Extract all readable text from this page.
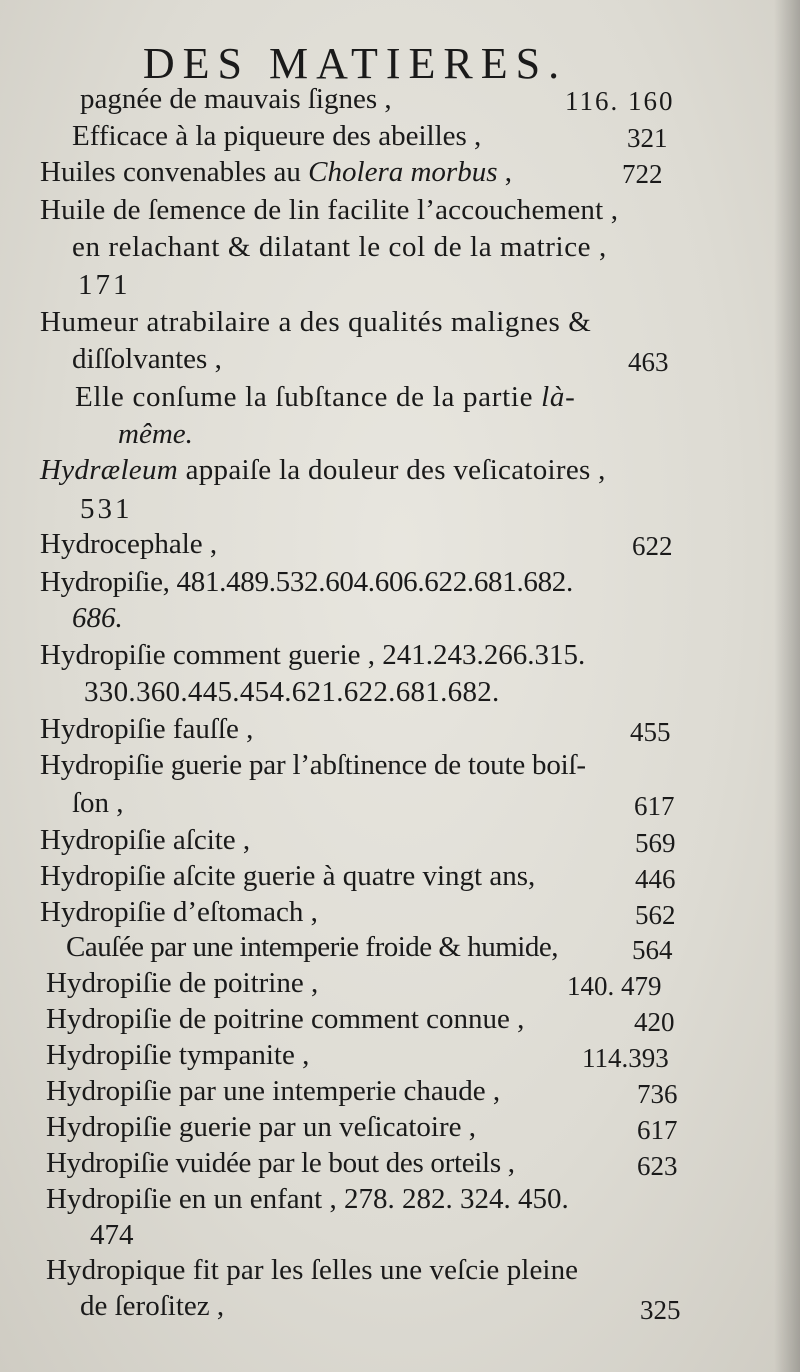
DES MATIERES.
pagnée de mauvais ſignes ,	116. 160
Efficace à la piqueure des abeilles ,	321
Huiles convenables au Cholera morbus ,	722
Huile de ſemence de lin facilite l’accouchement ,
en relachant & dilatant le col de la matrice ,
171
Humeur atrabilaire a des qualités malignes &
diſſolvantes ,	463
Elle conſume la ſubſtance de la partie là-
même.
Hydræleum appaiſe la douleur des veſicatoires ,
531
Hydrocephale ,	622
Hydropiſie, 481.489.532.604.606.622.681.682.
686.
Hydropiſie comment guerie , 241.243.266.315.
330.360.445.454.621.622.681.682.
Hydropiſie fauſſe ,	455
Hydropiſie guerie par l’abſtinence de toute boiſ-
ſon ,	617
Hydropiſie aſcite ,	569
Hydropiſie aſcite guerie à quatre vingt ans,	446
Hydropiſie d’eſtomach ,	562
Cauſée par une intemperie froide & humide,	564
Hydropiſie de poitrine ,	140. 479
Hydropiſie de poitrine comment connue ,	420
Hydropiſie tympanite ,	114.393
Hydropiſie par une intemperie chaude ,	736
Hydropiſie guerie par un veſicatoire ,	617
Hydropiſie vuidée par le bout des orteils ,	623
Hydropiſie en un enfant , 278. 282. 324. 450.
474
Hydropique fit par les ſelles une veſcie pleine
de ſeroſitez ,	325
